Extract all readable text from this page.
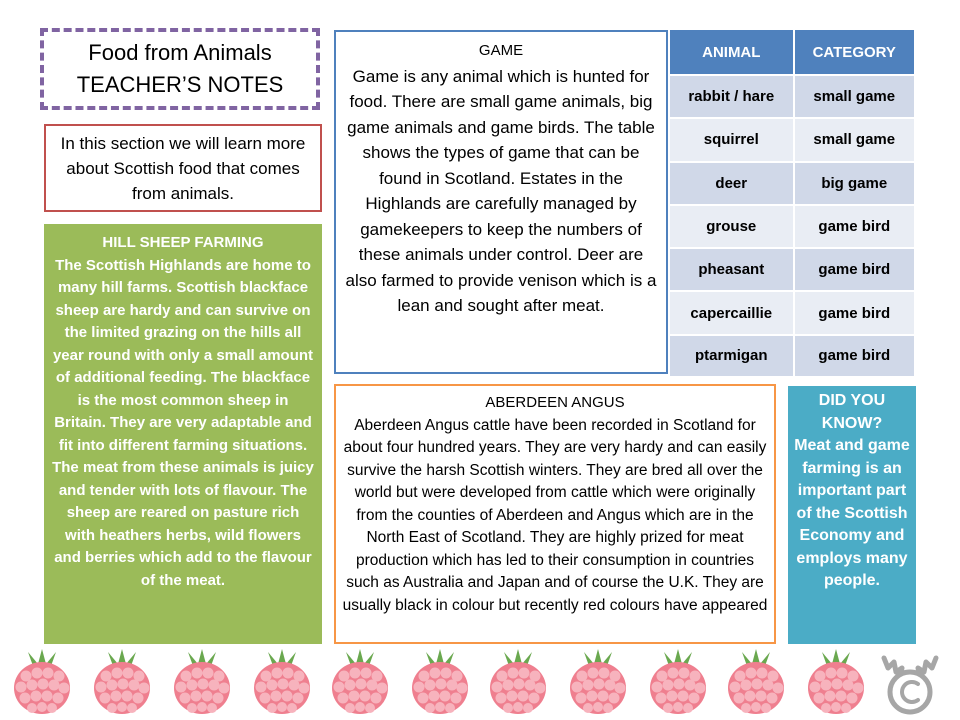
Food from Animals
TEACHER’S NOTES
In this section we will learn more about Scottish food that comes from animals.
HILL SHEEP FARMING
The Scottish Highlands are home to many hill farms. Scottish blackface sheep are hardy and can survive on the limited grazing on the hills all year round with only a small amount of additional feeding. The blackface is the most common sheep in Britain. They are very adaptable and fit into different farming situations. The meat from these animals is juicy and tender with lots of flavour. The sheep are reared on pasture rich with heathers herbs, wild flowers and berries which add to the flavour of the meat.
GAME
Game is any animal which is hunted for food. There are small game animals, big game animals and game birds. The table shows the types of game that can be found in Scotland. Estates in the Highlands are carefully managed by gamekeepers to keep the numbers of these animals under control. Deer are also farmed to provide venison which is a lean and sought after meat.
ANIMAL	CATEGORY
rabbit / hare	small game
squirrel	small game
deer	big game
grouse	game bird
pheasant	game bird
capercaillie	game bird
ptarmigan	game bird
ABERDEEN ANGUS
Aberdeen Angus cattle have been recorded in Scotland for about four hundred years. They are very hardy and can easily survive the harsh Scottish winters. They are bred all over the world but were developed from cattle which were originally from the counties of Aberdeen and Angus which are in the North East of Scotland. They are highly prized for meat production which has led to their consumption in countries such as Australia and Japan and of course the U.K. They are usually black in colour but recently red colours have appeared
DID YOU KNOW?
Meat and game farming is an important part of the Scottish Economy and employs many people.
